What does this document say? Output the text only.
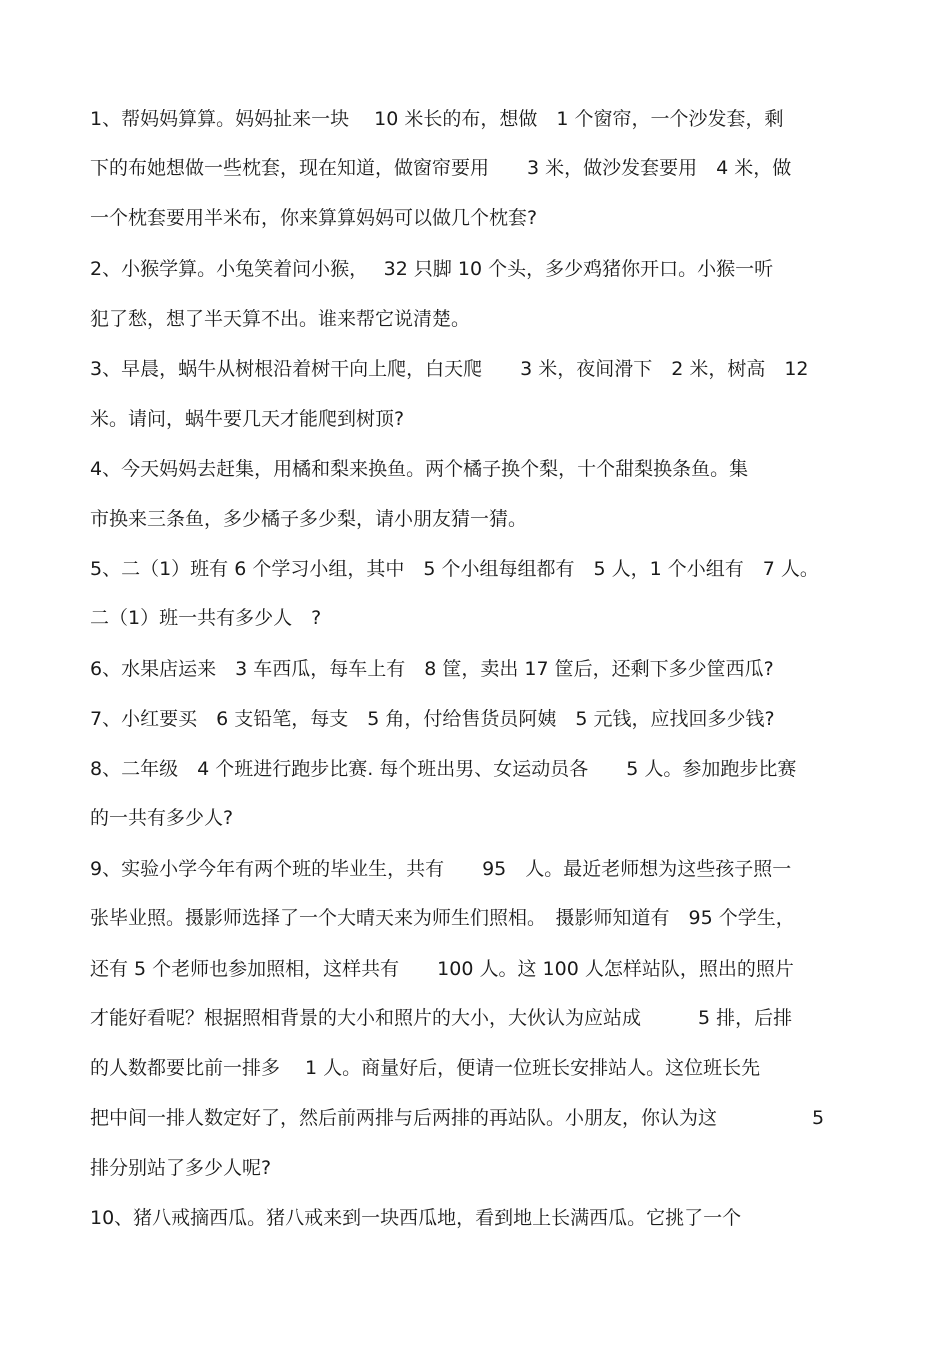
1、帮妈妈算算。妈妈扯来一块　 10 米长的布，想做　1 个窗帘，一个沙发套，剩
下的布她想做一些枕套，现在知道，做窗帘要用　　3 米，做沙发套要用　4 米，做
一个枕套要用半米布，你来算算妈妈可以做几个枕套?
2、小猴学算。小兔笑着问小猴，　 32 只脚 10 个头，多少鸡猪你开口。小猴一听
犯了愁，想了半天算不出。谁来帮它说清楚。
3、早晨，蜗牛从树根沿着树干向上爬，白天爬　　3 米，夜间滑下　2 米，树高　12
米。请问，蜗牛要几天才能爬到树顶?
4、今天妈妈去赶集，用橘和梨来换鱼。两个橘子换个梨，十个甜梨换条鱼。集
市换来三条鱼，多少橘子多少梨，请小朋友猜一猜。
5、二（1）班有 6 个学习小组，其中　5 个小组每组都有　5 人，1 个小组有　7 人。
二（1）班一共有多少人　?
6、水果店运来　3 车西瓜，每车上有　8 筐，卖出 17 筐后，还剩下多少筐西瓜?
7、小红要买　6 支铅笔，每支　5 角，付给售货员阿姨　5 元钱，应找回多少钱?
8、二年级　4 个班进行跑步比赛. 每个班出男、女运动员各　　5 人。参加跑步比赛
的一共有多少人?
9、实验小学今年有两个班的毕业生，共有　　95　人。最近老师想为这些孩子照一
张毕业照。摄影师选择了一个大晴天来为师生们照相。　摄影师知道有　95 个学生，
还有 5 个老师也参加照相，这样共有　　100 人。这 100 人怎样站队，照出的照片
才能好看呢？根据照相背景的大小和照片的大小，大伙认为应站成　　　5 排，后排
的人数都要比前一排多　 1 人。商量好后，便请一位班长安排站人。这位班长先
把中间一排人数定好了，然后前两排与后两排的再站队。小朋友，你认为这　　　　　5
排分别站了多少人呢?
10、猪八戒摘西瓜。猪八戒来到一块西瓜地，看到地上长满西瓜。它挑了一个
